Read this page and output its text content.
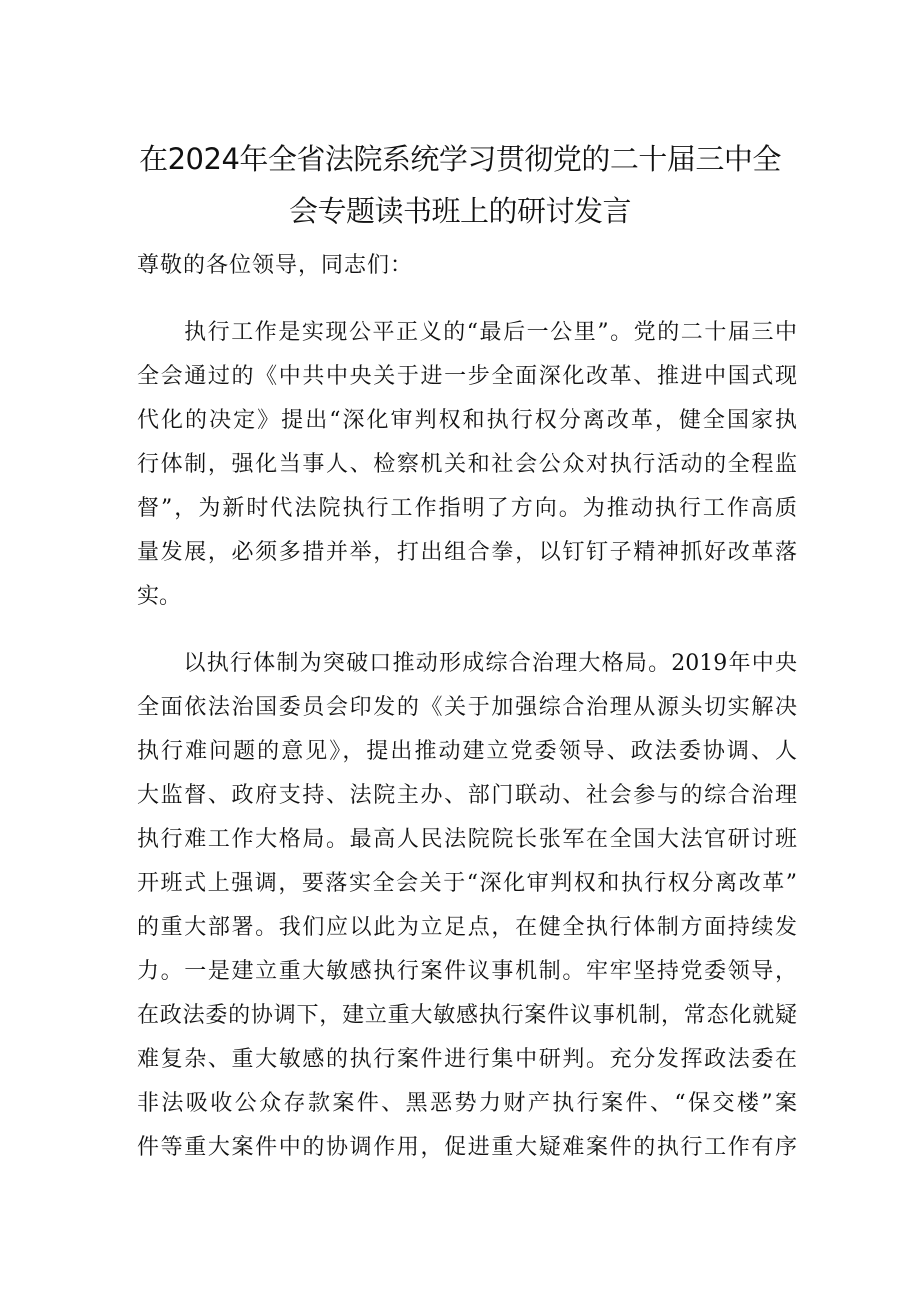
在2024年全省法院系统学习贯彻党的二十届三中全
会专题读书班上的研讨发言
尊敬的各位领导，同志们：
　　执行工作是实现公平正义的“最后一公里”。党的二十届三中
全会通过的《中共中央关于进一步全面深化改革、推进中国式现
代化的决定》提出“深化审判权和执行权分离改革，健全国家执
行体制，强化当事人、检察机关和社会公众对执行活动的全程监
督”，为新时代法院执行工作指明了方向。为推动执行工作高质
量发展，必须多措并举，打出组合拳，以钉钉子精神抓好改革落
实。
　　以执行体制为突破口推动形成综合治理大格局。2019年中央
全面依法治国委员会印发的《关于加强综合治理从源头切实解决
执行难问题的意见》，提出推动建立党委领导、政法委协调、人
大监督、政府支持、法院主办、部门联动、社会参与的综合治理
执行难工作大格局。最高人民法院院长张军在全国大法官研讨班
开班式上强调，要落实全会关于“深化审判权和执行权分离改革”
的重大部署。我们应以此为立足点，在健全执行体制方面持续发
力。一是建立重大敏感执行案件议事机制。牢牢坚持党委领导，
在政法委的协调下，建立重大敏感执行案件议事机制，常态化就疑
难复杂、重大敏感的执行案件进行集中研判。充分发挥政法委在
非法吸收公众存款案件、黑恶势力财产执行案件、“保交楼”案
件等重大案件中的协调作用，促进重大疑难案件的执行工作有序
